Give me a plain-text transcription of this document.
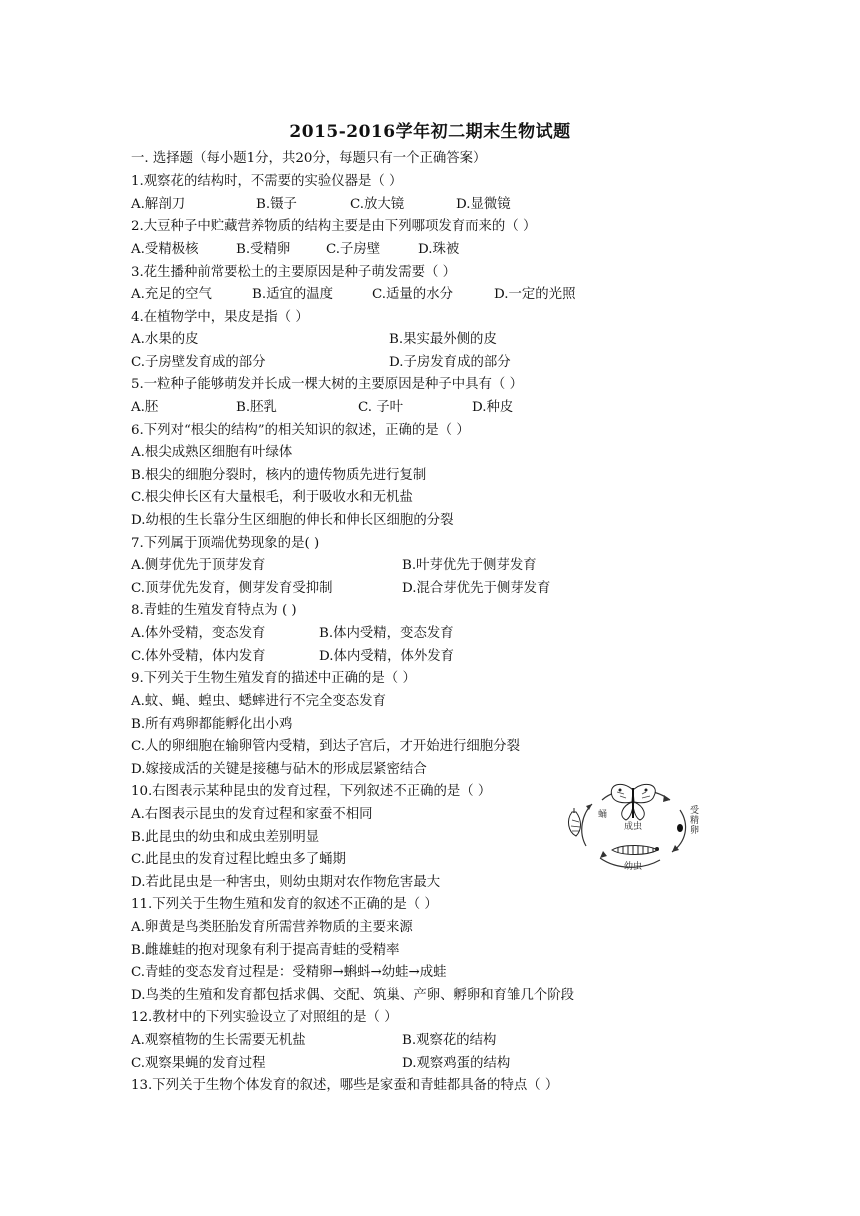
2015-2016学年初二期末生物试题
一. 选择题（每小题1分，共20分，每题只有一个正确答案）
1.观察花的结构时，不需要的实验仪器是（ ）
A.解剖刀	B.镊子	C.放大镜	D.显微镜
2.大豆种子中贮藏营养物质的结构主要是由下列哪项发育而来的（ ）
A.受精极核	B.受精卵	C.子房壁	D.珠被
3.花生播种前常要松土的主要原因是种子萌发需要（ ）
A.充足的空气	B.适宜的温度	C.适量的水分	D.一定的光照
4.在植物学中，果皮是指（ ）
A.水果的皮	B.果实最外侧的皮
C.子房壁发育成的部分	D.子房发育成的部分
5.一粒种子能够萌发并长成一棵大树的主要原因是种子中具有（ ）
A.胚	B.胚乳	C. 子叶	D.种皮
6.下列对“根尖的结构”的相关知识的叙述，正确的是（ ）
A.根尖成熟区细胞有叶绿体
B.根尖的细胞分裂时，核内的遗传物质先进行复制
C.根尖伸长区有大量根毛，利于吸收水和无机盐
D.幼根的生长靠分生区细胞的伸长和伸长区细胞的分裂
7.下列属于顶端优势现象的是( )
A.侧芽优先于顶芽发育	B.叶芽优先于侧芽发育
C.顶芽优先发育，侧芽发育受抑制	D.混合芽优先于侧芽发育
8.青蛙的生殖发育特点为 ( )
A.体外受精，变态发育	B.体内受精，变态发育
C.体外受精，体内发育	D.体内受精，体外发育
9.下列关于生物生殖发育的描述中正确的是（ ）
A.蚊、蝇、蝗虫、蟋蟀进行不完全变态发育
B.所有鸡卵都能孵化出小鸡
C.人的卵细胞在输卵管内受精，到达子宫后，才开始进行细胞分裂
D.嫁接成活的关键是接穗与砧木的形成层紧密结合
10.右图表示某种昆虫的发育过程，下列叙述不正确的是（ ）
A.右图表示昆虫的发育过程和家蚕不相同
B.此昆虫的幼虫和成虫差别明显
C.此昆虫的发育过程比蝗虫多了蛹期
D.若此昆虫是一种害虫，则幼虫期对农作物危害最大
蛹
成虫
受精卵
幼虫
11.下列关于生物生殖和发育的叙述不正确的是（ ）
A.卵黄是鸟类胚胎发育所需营养物质的主要来源
B.雌雄蛙的抱对现象有利于提高青蛙的受精率
C.青蛙的变态发育过程是：受精卵→蝌蚪→幼蛙→成蛙
D.鸟类的生殖和发育都包括求偶、交配、筑巢、产卵、孵卵和育雏几个阶段
12.教材中的下列实验设立了对照组的是（ ）
A.观察植物的生长需要无机盐	B.观察花的结构
C.观察果蝇的发育过程	D.观察鸡蛋的结构
13.下列关于生物个体发育的叙述，哪些是家蚕和青蛙都具备的特点（ ）
